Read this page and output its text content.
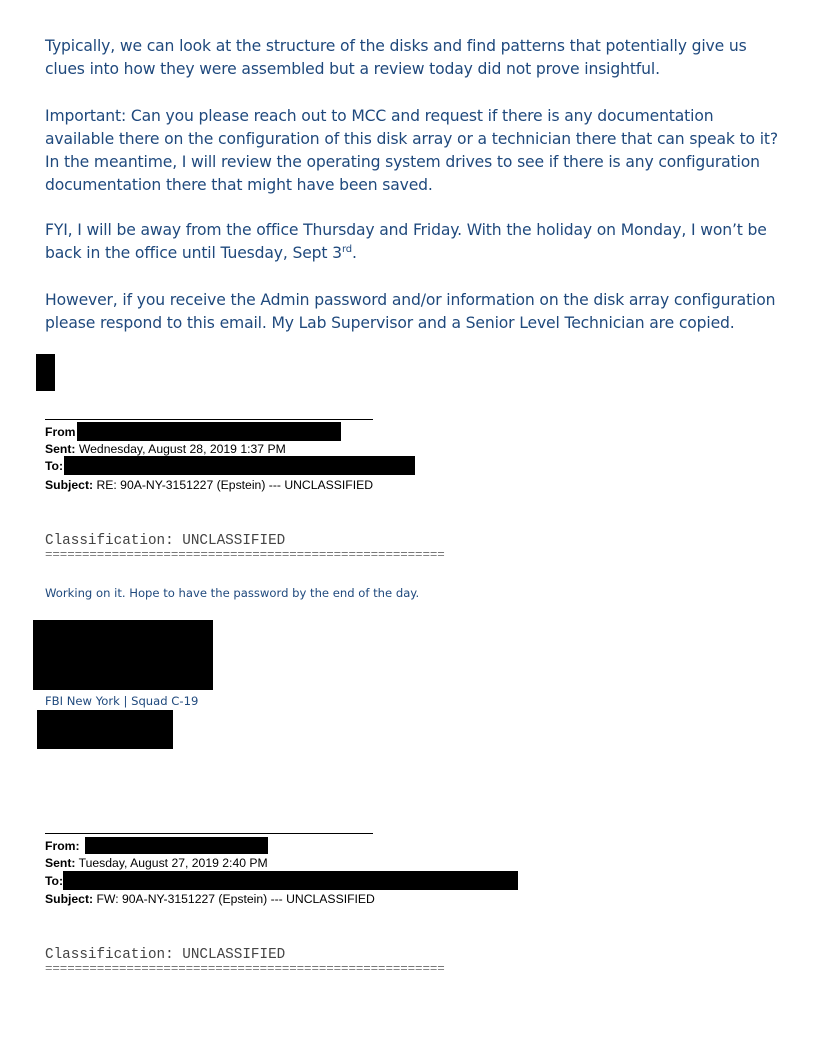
Typically, we can look at the structure of the disks and find patterns that potentially give us clues into how they were assembled but a review today did not prove insightful.

Important: Can you please reach out to MCC and request if there is any documentation available there on the configuration of this disk array or a technician there that can speak to it? In the meantime, I will review the operating system drives to see if there is any configuration documentation there that might have been saved.

FYI, I will be away from the office Thursday and Friday. With the holiday on Monday, I won’t be back in the office until Tuesday, Sept 3rd.

However, if you receive the Admin password and/or information on the disk array configuration please respond to this email. My Lab Supervisor and a Senior Level Technician are copied.

From
Sent: Wednesday, August 28, 2019 1:37 PM
To:
Subject: RE: 90A-NY-3151227 (Epstein) --- UNCLASSIFIED
Classification: UNCLASSIFIED
======================================================
Working on it. Hope to have the password by the end of the day.
FBI New York | Squad C-19
From:
Sent: Tuesday, August 27, 2019 2:40 PM
To:
Subject: FW: 90A-NY-3151227 (Epstein) --- UNCLASSIFIED
Classification: UNCLASSIFIED
======================================================
